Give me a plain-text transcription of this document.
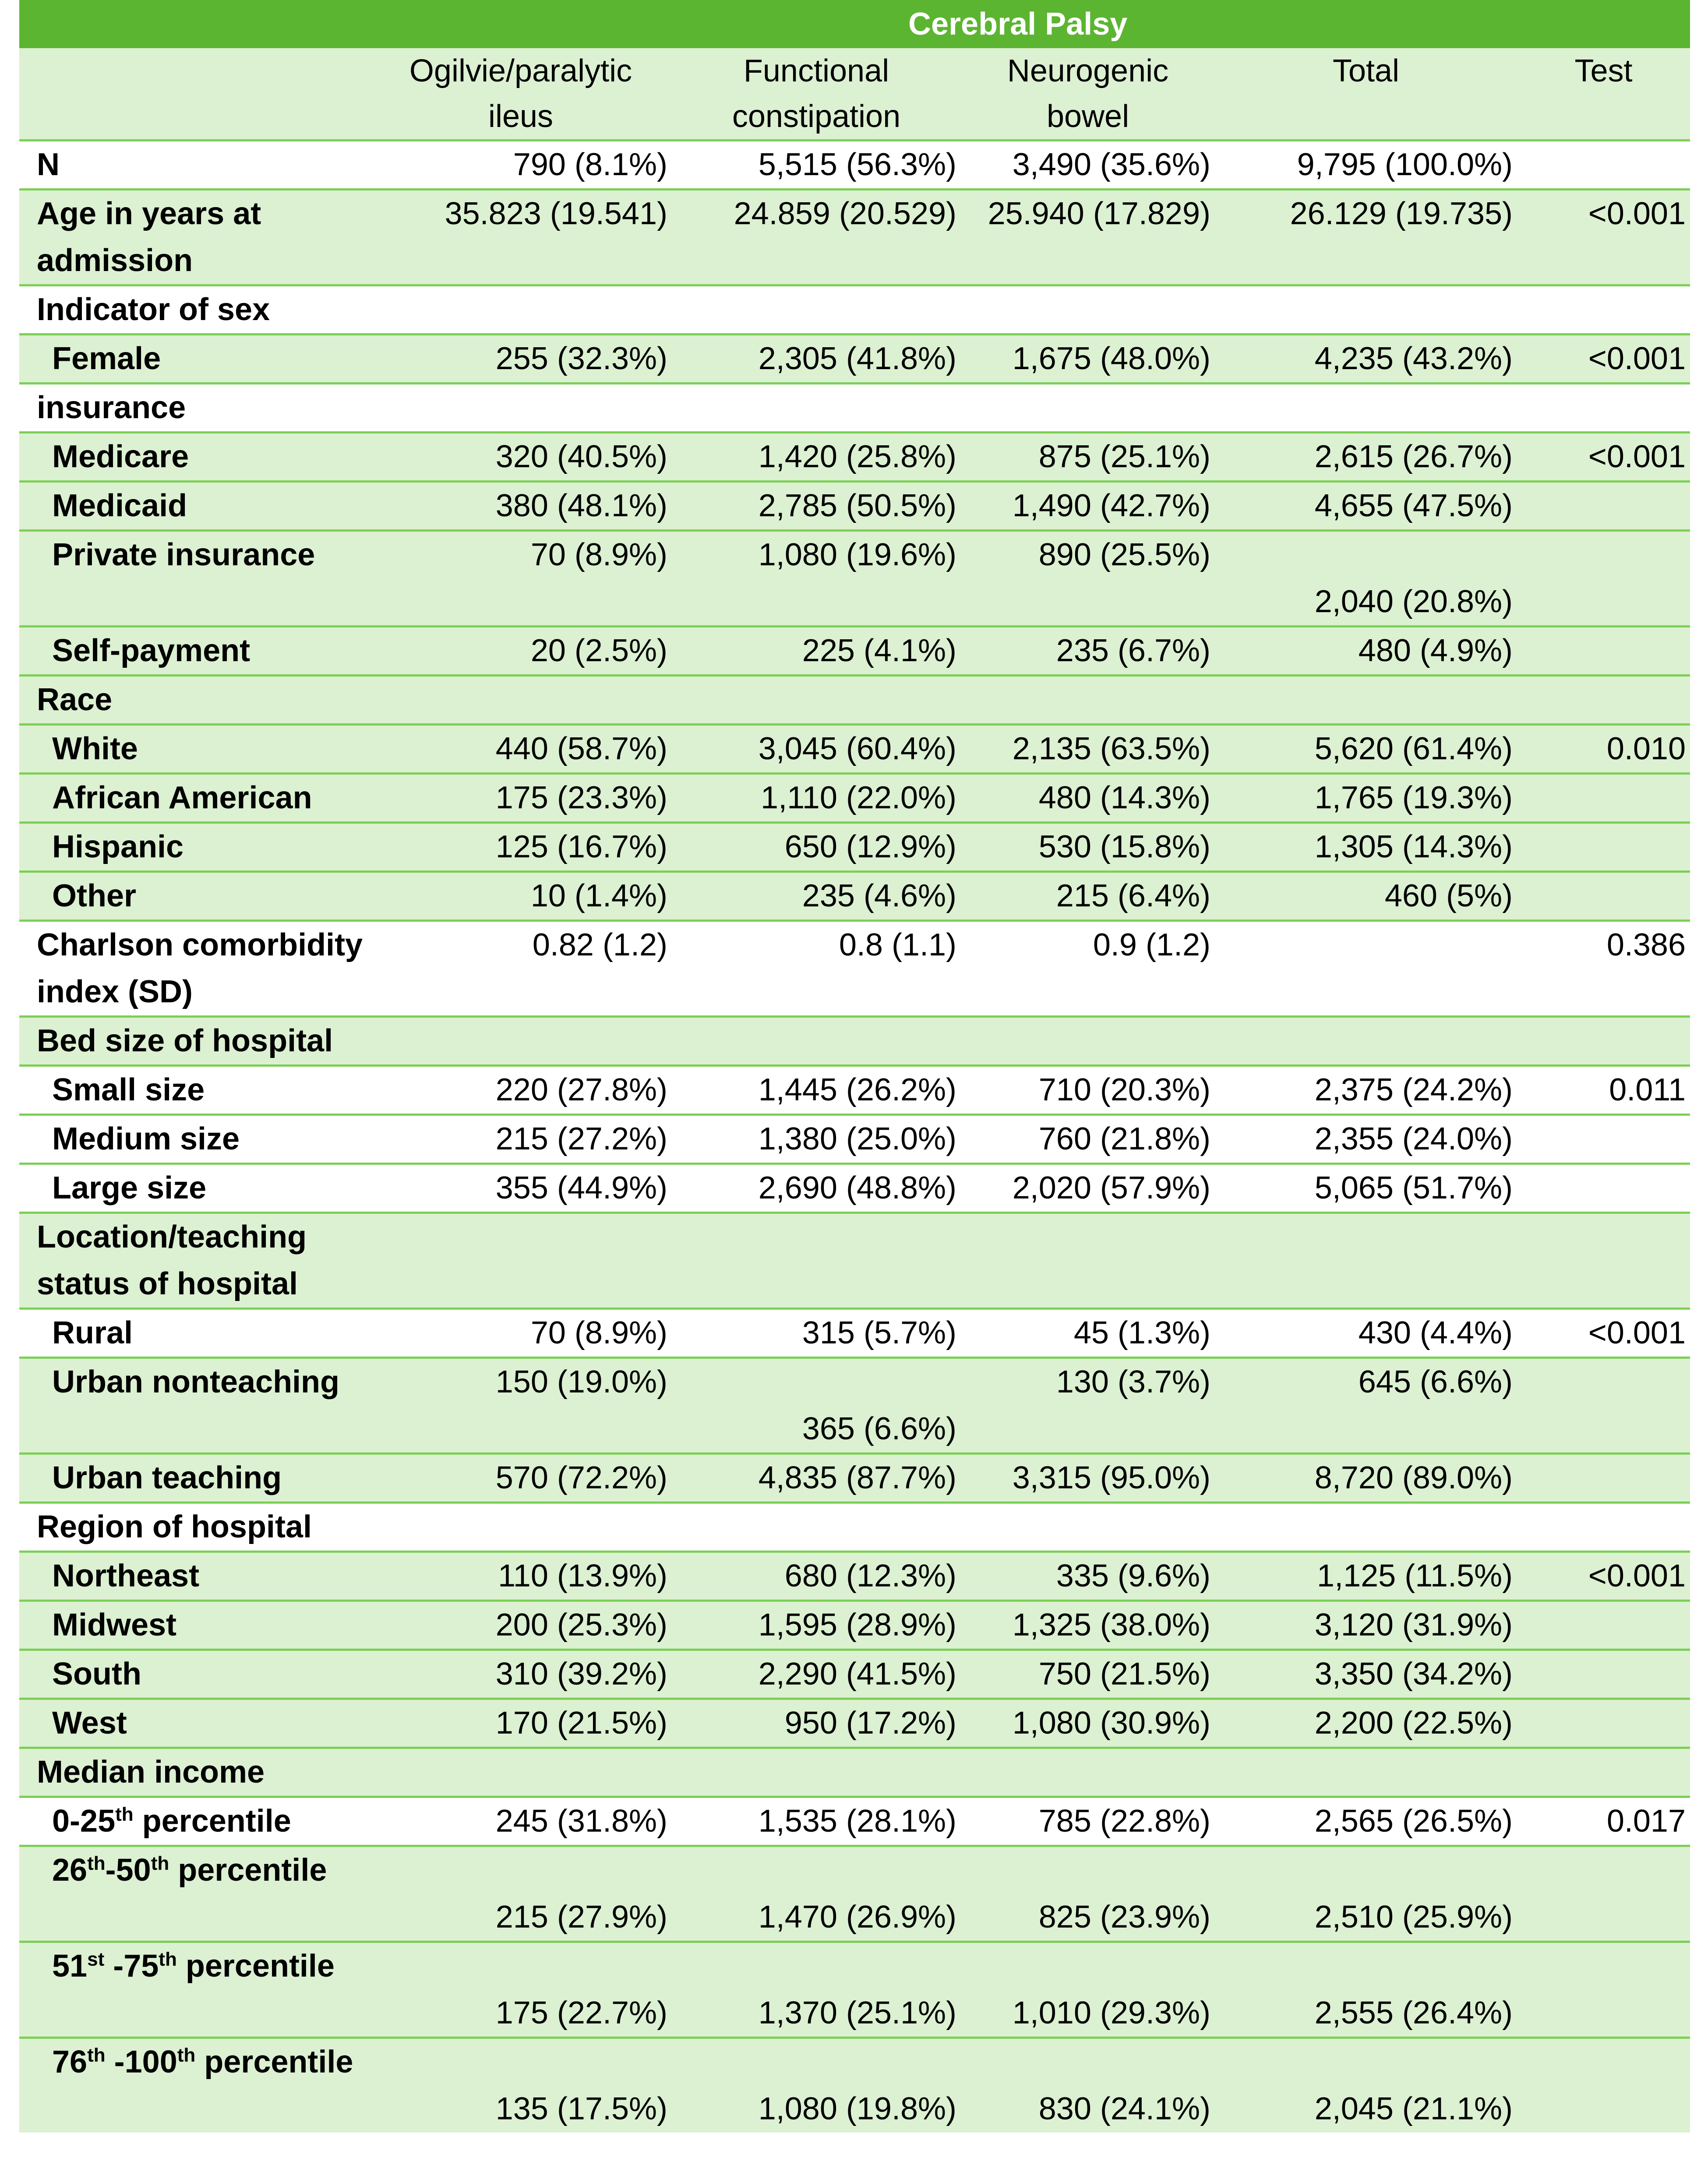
Cerebral Palsy
	Ogilvie/paralytic ileus	Functional constipation	Neurogenic bowel	Total	Test
N	790 (8.1%)	5,515 (56.3%)	3,490 (35.6%)	9,795 (100.0%)	
Age in years at admission	35.823 (19.541)	24.859 (20.529)	25.940 (17.829)	26.129 (19.735)	<0.001
Indicator of sex					
Female	255 (32.3%)	2,305 (41.8%)	1,675 (48.0%)	4,235 (43.2%)	<0.001
insurance					
Medicare	320 (40.5%)	1,420 (25.8%)	875 (25.1%)	2,615 (26.7%)	<0.001
Medicaid	380 (48.1%)	2,785 (50.5%)	1,490 (42.7%)	4,655 (47.5%)	
Private insurance	70 (8.9%)	1,080 (19.6%)	890 (25.5%)	2,040 (20.8%)	
Self-payment	20 (2.5%)	225 (4.1%)	235 (6.7%)	480 (4.9%)	
Race					
White	440 (58.7%)	3,045 (60.4%)	2,135 (63.5%)	5,620 (61.4%)	0.010
African American	175 (23.3%)	1,110 (22.0%)	480 (14.3%)	1,765 (19.3%)	
Hispanic	125 (16.7%)	650 (12.9%)	530 (15.8%)	1,305 (14.3%)	
Other	10 (1.4%)	235 (4.6%)	215 (6.4%)	460 (5%)	
Charlson comorbidity index (SD)	0.82 (1.2)	0.8 (1.1)	0.9 (1.2)		0.386
Bed size of hospital					
Small size	220 (27.8%)	1,445 (26.2%)	710 (20.3%)	2,375 (24.2%)	0.011
Medium size	215 (27.2%)	1,380 (25.0%)	760 (21.8%)	2,355 (24.0%)	
Large size	355 (44.9%)	2,690 (48.8%)	2,020 (57.9%)	5,065 (51.7%)	
Location/teaching status of hospital					
Rural	70 (8.9%)	315 (5.7%)	45 (1.3%)	430 (4.4%)	<0.001
Urban nonteaching	150 (19.0%)	365 (6.6%)	130 (3.7%)	645 (6.6%)	
Urban teaching	570 (72.2%)	4,835 (87.7%)	3,315 (95.0%)	8,720 (89.0%)	
Region of hospital					
Northeast	110 (13.9%)	680 (12.3%)	335 (9.6%)	1,125 (11.5%)	<0.001
Midwest	200 (25.3%)	1,595 (28.9%)	1,325 (38.0%)	3,120 (31.9%)	
South	310 (39.2%)	2,290 (41.5%)	750 (21.5%)	3,350 (34.2%)	
West	170 (21.5%)	950 (17.2%)	1,080 (30.9%)	2,200 (22.5%)	
Median income					
0-25th percentile	245 (31.8%)	1,535 (28.1%)	785 (22.8%)	2,565 (26.5%)	0.017
26th-50th percentile	215 (27.9%)	1,470 (26.9%)	825 (23.9%)	2,510 (25.9%)	
51st -75th percentile	175 (22.7%)	1,370 (25.1%)	1,010 (29.3%)	2,555 (26.4%)	
76th -100th percentile	135 (17.5%)	1,080 (19.8%)	830 (24.1%)	2,045 (21.1%)	
